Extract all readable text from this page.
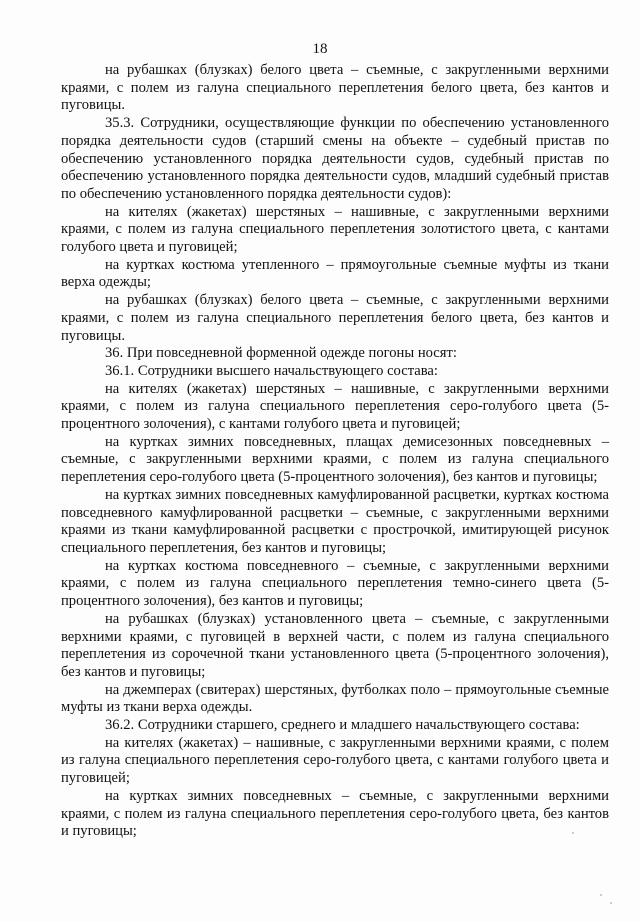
18

на рубашках (блузках) белого цвета – съемные, с закругленными верхними краями, с полем из галуна специального переплетения белого цвета, без кантов и пуговицы.

35.3. Сотрудники, осуществляющие функции по обеспечению установленного порядка деятельности судов (старший смены на объекте – судебный пристав по обеспечению установленного порядка деятельности судов, судебный пристав по обеспечению установленного порядка деятельности судов, младший судебный пристав по обеспечению установленного порядка деятельности судов):

на кителях (жакетах) шерстяных – нашивные, с закругленными верхними краями, с полем из галуна специального переплетения золотистого цвета, с кантами голубого цвета и пуговицей;

на куртках костюма утепленного – прямоугольные съемные муфты из ткани верха одежды;

на рубашках (блузках) белого цвета – съемные, с закругленными верхними краями, с полем из галуна специального переплетения белого цвета, без кантов и пуговицы.

36. При повседневной форменной одежде погоны носят:

36.1. Сотрудники высшего начальствующего состава:

на кителях (жакетах) шерстяных – нашивные, с закругленными верхними краями, с полем из галуна специального переплетения серо-голубого цвета (5-процентного золочения), с кантами голубого цвета и пуговицей;

на куртках зимних повседневных, плащах демисезонных повседневных – съемные, с закругленными верхними краями, с полем из галуна специального переплетения серо-голубого цвета (5-процентного золочения), без кантов и пуговицы;

на куртках зимних повседневных камуфлированной расцветки, куртках костюма повседневного камуфлированной расцветки – съемные, с закругленными верхними краями из ткани камуфлированной расцветки с прострочкой, имитирующей рисунок специального переплетения, без кантов и пуговицы;

на куртках костюма повседневного – съемные, с закругленными верхними краями, с полем из галуна специального переплетения темно-синего цвета (5-процентного золочения), без кантов и пуговицы;

на рубашках (блузках) установленного цвета – съемные, с закругленными верхними краями, с пуговицей в верхней части, с полем из галуна специального переплетения из сорочечной ткани установленного цвета (5-процентного золочения), без кантов и пуговицы;

на джемперах (свитерах) шерстяных, футболках поло – прямоугольные съемные муфты из ткани верха одежды.

36.2. Сотрудники старшего, среднего и младшего начальствующего состава:

на кителях (жакетах) – нашивные, с закругленными верхними краями, с полем из галуна специального переплетения серо-голубого цвета, с кантами голубого цвета и пуговицей;

на куртках зимних повседневных – съемные, с закругленными верхними краями, с полем из галуна специального переплетения серо-голубого цвета, без кантов и пуговицы;
